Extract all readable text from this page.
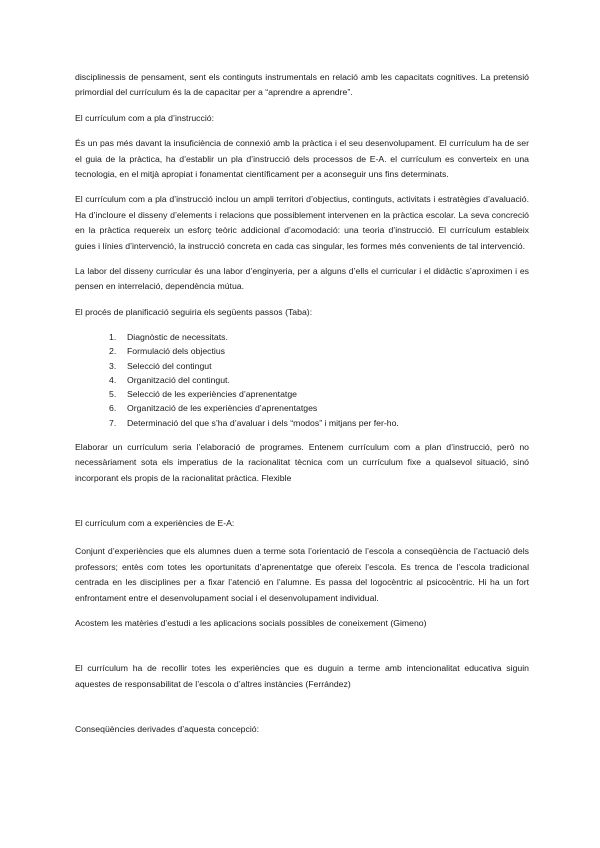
disciplinessis de pensament, sent els continguts instrumentals en relació amb les capacitats cognitives. La pretensió primordial del currículum és la de capacitar per a “aprendre a aprendre”.

El currículum com a pla d’instrucció:

És un pas més davant la insuficiència de connexió amb la pràctica i el seu desenvolupament. El currículum ha de ser el guia de la pràctica, ha d’establir un pla d’instrucció dels processos de E-A. el currículum es converteix en una tecnologia, en el mitjà apropiat i fonamentat científicament per a aconseguir uns fins determinats.

El currículum com a pla d’instrucció inclou un ampli territori d’objectius, continguts, activitats i estratègies d’avaluació. Ha d’incloure el disseny d’elements i relacions que possiblement intervenen en la pràctica escolar. La seva concreció en la pràctica requereix un esforç teòric addicional d’acomodació: una teoria d’instrucció. El currículum estableix guies i línies d’intervenció, la instrucció concreta en cada cas singular, les formes més convenients de tal intervenció.

La labor del disseny curricular és una labor d’enginyeria, per a alguns d’ells el curricular i el didàctic s’aproximen i es pensen en interrelació, dependència mútua.

El procés de planificació seguiria els següents passos (Taba):

1.	Diagnòstic de necessitats.
2.	Formulació dels objectius
3.	Selecció del contingut
4.	Organització del contingut.
5.	Selecció de les experiències d’aprenentatge
6.	Organització de les experiències d’aprenentatges
7.	Determinació del que s’ha d’avaluar i dels “modos” i mitjans per fer-ho.

Elaborar un currículum seria l’elaboració de programes. Entenem currículum com a plan d’instrucció, però no necessàriament sota els imperatius de la racionalitat tècnica com un currículum fixe a qualsevol situació, sinó incorporant els propis de la racionalitat pràctica. Flexible

El currículum com a experiències de E-A:

Conjunt d’experiències que els alumnes duen a terme sota l’orientació de l’escola a conseqüència de l’actuació dels professors; entès com totes les oportunitats d’aprenentatge que ofereix l’escola. Es trenca de l’escola tradicional centrada en les disciplines per a fixar l’atenció en l’alumne. Es passa del logocèntric al psicocèntric. Hi ha un fort enfrontament entre el desenvolupament social i el desenvolupament individual.

Acostem les matèries d’estudi a les aplicacions socials possibles de coneixement (Gimeno)

El currículum ha de recollir totes les experiències que es duguin a terme amb intencionalitat educativa siguin aquestes de responsabilitat de l’escola o d’altres instàncies (Ferrández)

Conseqüències derivades d’aquesta concepció:
